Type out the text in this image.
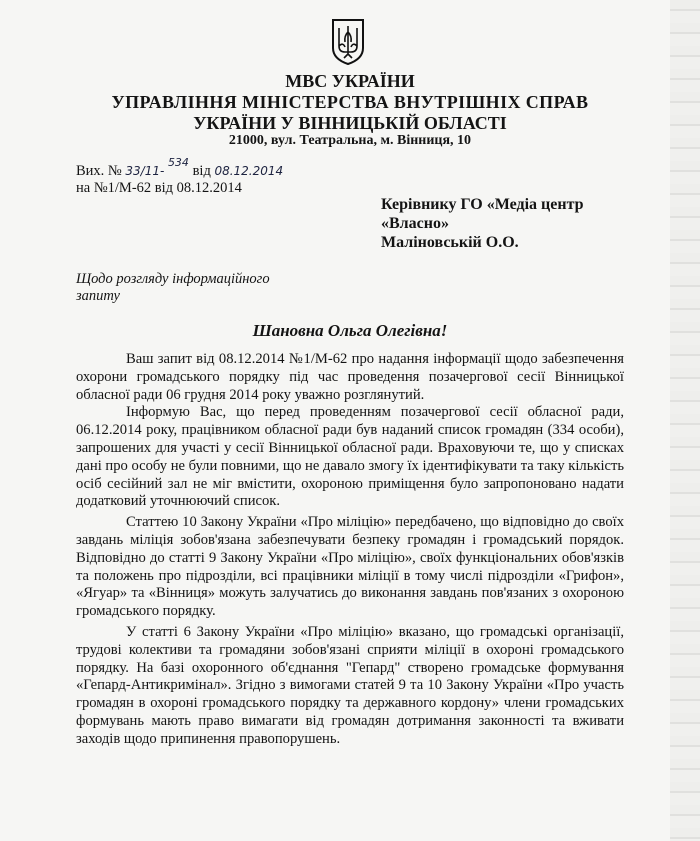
МВС УКРАЇНИ
УПРАВЛІННЯ МІНІСТЕРСТВА ВНУТРІШНІХ СПРАВ
УКРАЇНИ У ВІННИЦЬКІЙ ОБЛАСТІ
21000, вул. Театральна, м. Вінниця, 10
Вих. № 33/11- $^{534}$ від 08.12.2014
на №1/М-62 від 08.12.2014
Керівнику ГО «Медіа центр
«Власно»
Маліновській О.О.
Щодо розгляду інформаційного
запиту
Шановна Ольга Олегівна!

Ваш запит від 08.12.2014 №1/М-62 про надання інформації щодо забезпечення охорони громадського порядку під час проведення позачергової сесії Вінницької обласної ради 06 грудня 2014 року уважно розглянутий.

Інформую Вас, що перед проведенням позачергової сесії обласної ради, 06.12.2014 року, працівником обласної ради був наданий список громадян (334 особи), запрошених для участі у сесії Вінницької обласної ради. Враховуючи те, що у списках дані про особу не були повними, що не давало змогу їх ідентифікувати та таку кількість осіб сесійний зал не міг вмістити, охороною приміщення було запропоновано надати додатковий уточнюючий список.

Статтею 10 Закону України «Про міліцію» передбачено, що відповідно до своїх завдань міліція зобов'язана забезпечувати безпеку громадян і громадський порядок. Відповідно до статті 9 Закону України «Про міліцію», своїх функціональних обов'язків та положень про підрозділи, всі працівники міліції в тому числі підрозділи «Грифон», «Ягуар» та «Вінниця» можуть залучатись до виконання завдань пов'язаних з охороною громадського порядку.

У статті 6 Закону України «Про міліцію» вказано, що громадські організації, трудові колективи та громадяни зобов'язані сприяти міліції в охороні громадського порядку. На базі охоронного об'єднання "Гепард" створено громадське формування «Гепард-Антикримінал». Згідно з вимогами статей 9 та 10 Закону України «Про участь громадян в охороні громадського порядку та державного кордону» члени громадських формувань мають право вимагати від громадян дотримання законності та вживати заходів щодо припинення правопорушень.
